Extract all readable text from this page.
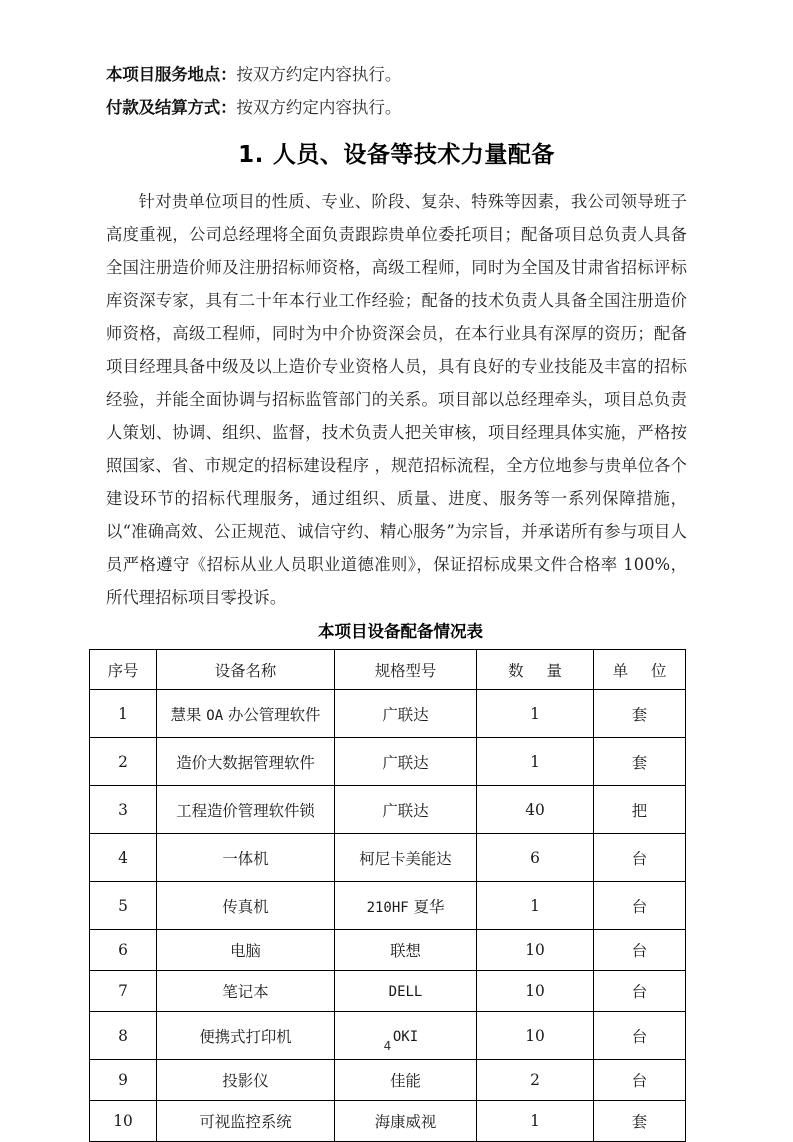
本项目服务地点：按双方约定内容执行。
付款及结算方式：按双方约定内容执行。
1. 人员、设备等技术力量配备
针对贵单位项目的性质、专业、阶段、复杂、特殊等因素，我公司领导班子高度重视，公司总经理将全面负责跟踪贵单位委托项目；配备项目总负责人具备全国注册造价师及注册招标师资格，高级工程师，同时为全国及甘肃省招标评标库资深专家，具有二十年本行业工作经验；配备的技术负责人具备全国注册造价师资格，高级工程师，同时为中介协资深会员，在本行业具有深厚的资历；配备项目经理具备中级及以上造价专业资格人员，具有良好的专业技能及丰富的招标经验，并能全面协调与招标监管部门的关系。项目部以总经理牵头，项目总负责人策划、协调、组织、监督，技术负责人把关审核，项目经理具体实施，严格按照国家、省、市规定的招标建设程序 ，规范招标流程，全方位地参与贵单位各个建设环节的招标代理服务，通过组织、质量、进度、服务等一系列保障措施，以“准确高效、公正规范、诚信守约、精心服务”为宗旨，并承诺所有参与项目人员严格遵守《招标从业人员职业道德准则》，保证招标成果文件合格率 100%，所代理招标项目零投诉。
本项目设备配备情况表
序号	设备名称	规格型号	数 量	单 位
1	慧果 OA 办公管理软件	广联达	1	套
2	造价大数据管理软件	广联达	1	套
3	工程造价管理软件锁	广联达	40	把
4	一体机	柯尼卡美能达	6	台
5	传真机	210HF 夏华	1	台
6	电脑	联想	10	台
7	笔记本	DELL	10	台
8	便携式打印机	OKI	10	台
9	投影仪	佳能	2	台
10	可视监控系统	海康威视	1	套
4
